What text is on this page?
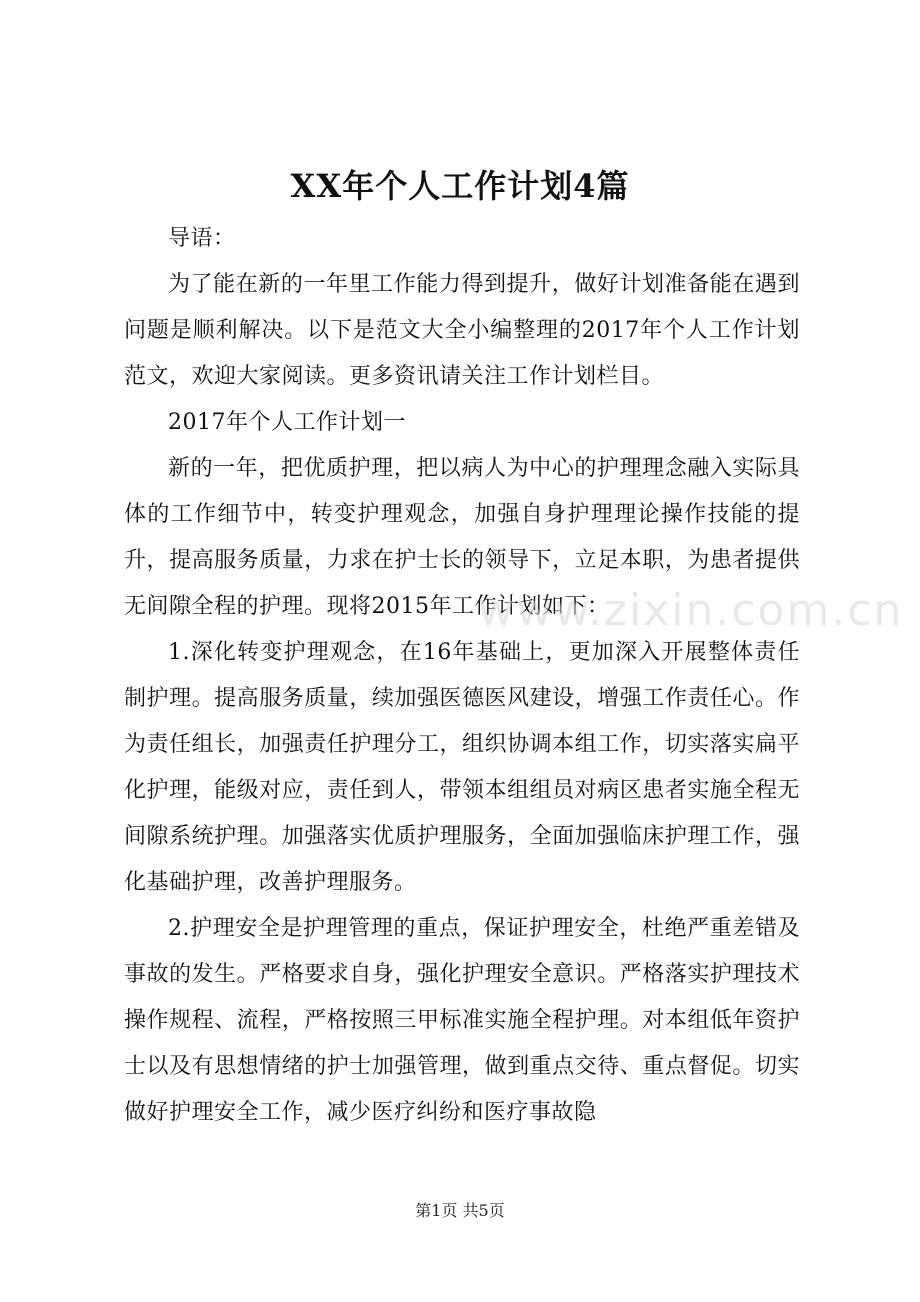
XX年个人工作计划4篇

导语：

为了能在新的一年里工作能力得到提升，做好计划准备能在遇到问题是顺利解决。以下是范文大全小编整理的2017年个人工作计划范文，欢迎大家阅读。更多资讯请关注工作计划栏目。

2017年个人工作计划一

新的一年，把优质护理，把以病人为中心的护理理念融入实际具体的工作细节中，转变护理观念，加强自身护理理论操作技能的提升，提高服务质量，力求在护士长的领导下，立足本职，为患者提供无间隙全程的护理。现将2015年工作计划如下：

1.深化转变护理观念，在16年基础上，更加深入开展整体责任制护理。提高服务质量，续加强医德医风建设，增强工作责任心。作为责任组长，加强责任护理分工，组织协调本组工作，切实落实扁平化护理，能级对应，责任到人，带领本组组员对病区患者实施全程无间隙系统护理。加强落实优质护理服务，全面加强临床护理工作，强化基础护理，改善护理服务。

2.护理安全是护理管理的重点，保证护理安全，杜绝严重差错及事故的发生。严格要求自身，强化护理安全意识。严格落实护理技术操作规程、流程，严格按照三甲标准实施全程护理。对本组低年资护士以及有思想情绪的护士加强管理，做到重点交待、重点督促。切实做好护理安全工作，减少医疗纠纷和医疗事故隐

www.zixin.com.cn
第1页 共5页
